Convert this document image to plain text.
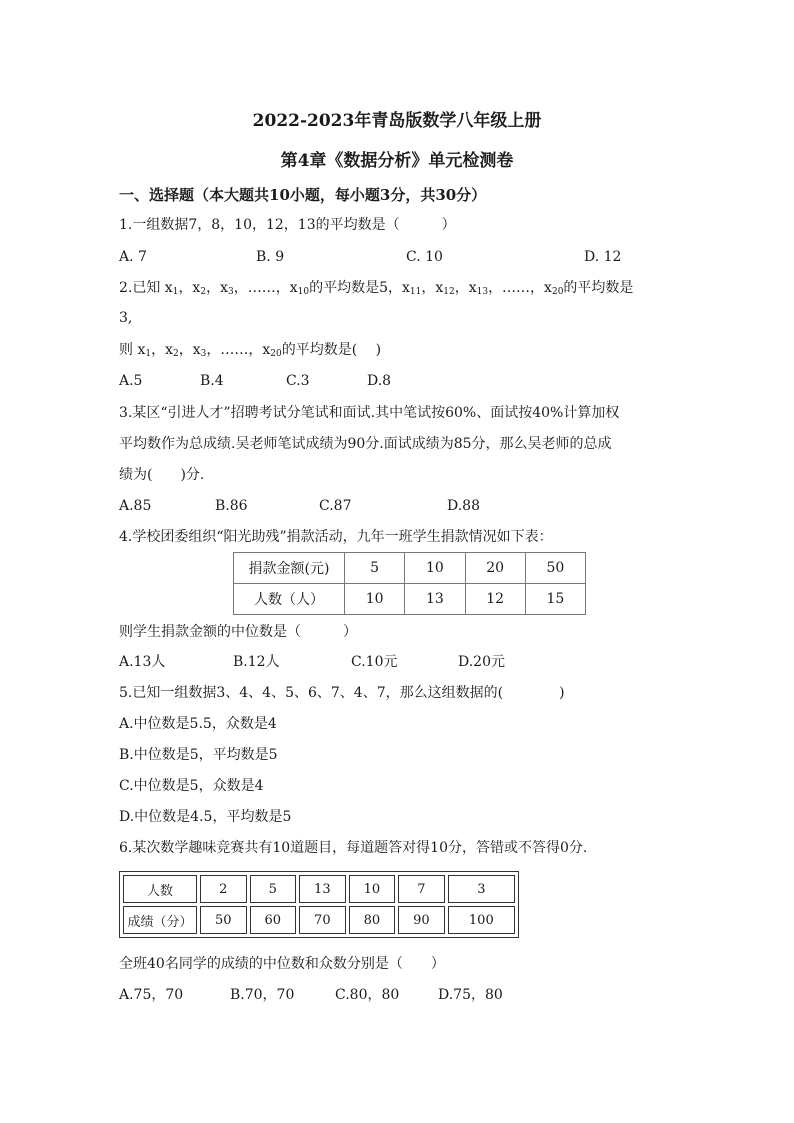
2022-2023年青岛版数学八年级上册
第4章《数据分析》单元检测卷
一、选择题（本大题共10小题，每小题3分，共30分）
1.一组数据7，8，10，12，13的平均数是（　　　）
A. 7	B. 9	C. 10	D. 12
2.已知 $x_1$，$x_2$，$x_3$，……，$x_{10}$的平均数是5，$x_{11}$，$x_{12}$，$x_{13}$，……，$x_{20}$的平均数是
3,
则 $x_1$，$x_2$，$x_3$，……，$x_{20}$的平均数是(　 )
A.5	B.4	C.3	D.8
3.某区“引进人才”招聘考试分笔试和面试.其中笔试按60%、面试按40%计算加权
平均数作为总成绩.吴老师笔试成绩为90分.面试成绩为85分，那么吴老师的总成
绩为(　　)分.
A.85	B.86	C.87	D.88
4.学校团委组织“阳光助残”捐款活动，九年一班学生捐款情况如下表：
捐款金额(元)	5	10	20	50
人数（人）	10	13	12	15
则学生捐款金额的中位数是（　　　）
A.13人	B.12人	C.10元	D.20元
5.已知一组数据3、4、4、5、6、7、4、7，那么这组数据的(　　　　)
A.中位数是5.5，众数是4
B.中位数是5，平均数是5
C.中位数是5，众数是4
D.中位数是4.5，平均数是5
6.某次数学趣味竞赛共有10道题目，每道题答对得10分，答错或不答得0分.
人数	2	5	13	10	7	3
成绩（分）	50	60	70	80	90	100
全班40名同学的成绩的中位数和众数分别是（　　）
A.75，70	B.70，70	C.80，80	D.75，80
